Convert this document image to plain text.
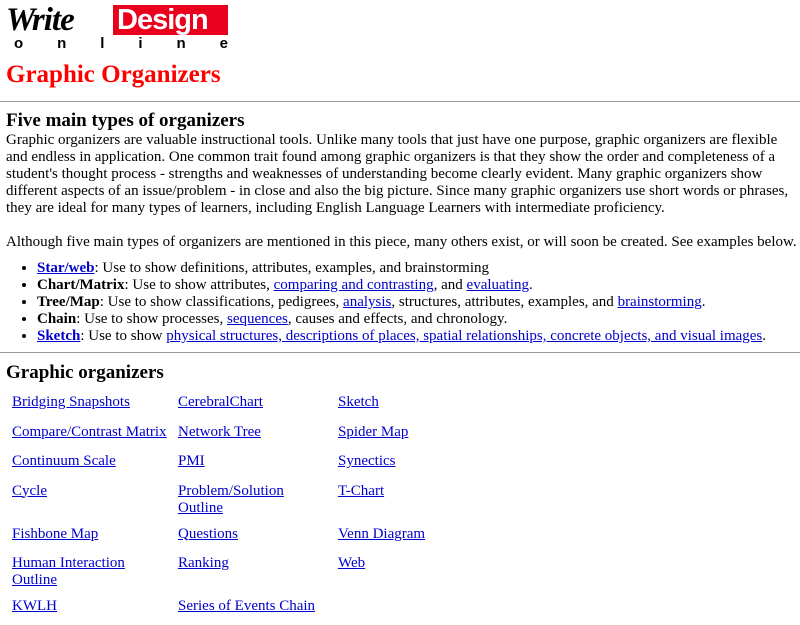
Write Design
o n l i n e
Graphic Organizers
Five main types of organizers

Graphic organizers are valuable instructional tools. Unlike many tools that just have one purpose, graphic organizers are flexible and endless in application. One common trait found among graphic organizers is that they show the order and completeness of a student's thought process - strengths and weaknesses of understanding become clearly evident. Many graphic organizers show different aspects of an issue/problem - in close and also the big picture. Since many graphic organizers use short words or phrases, they are ideal for many types of learners, including English Language Learners with intermediate proficiency.

Although five main types of organizers are mentioned in this piece, many others exist, or will soon be created. See examples below.

• Star/web: Use to show definitions, attributes, examples, and brainstorming
• Chart/Matrix: Use to show attributes, comparing and contrasting, and evaluating.
• Tree/Map: Use to show classifications, pedigrees, analysis, structures, attributes, examples, and brainstorming.
• Chain: Use to show processes, sequences, causes and effects, and chronology.
• Sketch: Use to show physical structures, descriptions of places, spatial relationships, concrete objects, and visual images.
Graphic organizers
Bridging Snapshots	CerebralChart	Sketch
Compare/Contrast Matrix	Network Tree	Spider Map
Continuum Scale	PMI	Synectics
Cycle	Problem/Solution Outline	T-Chart
Fishbone Map	Questions	Venn Diagram
Human Interaction Outline	Ranking	Web
KWLH	Series of Events Chain	
